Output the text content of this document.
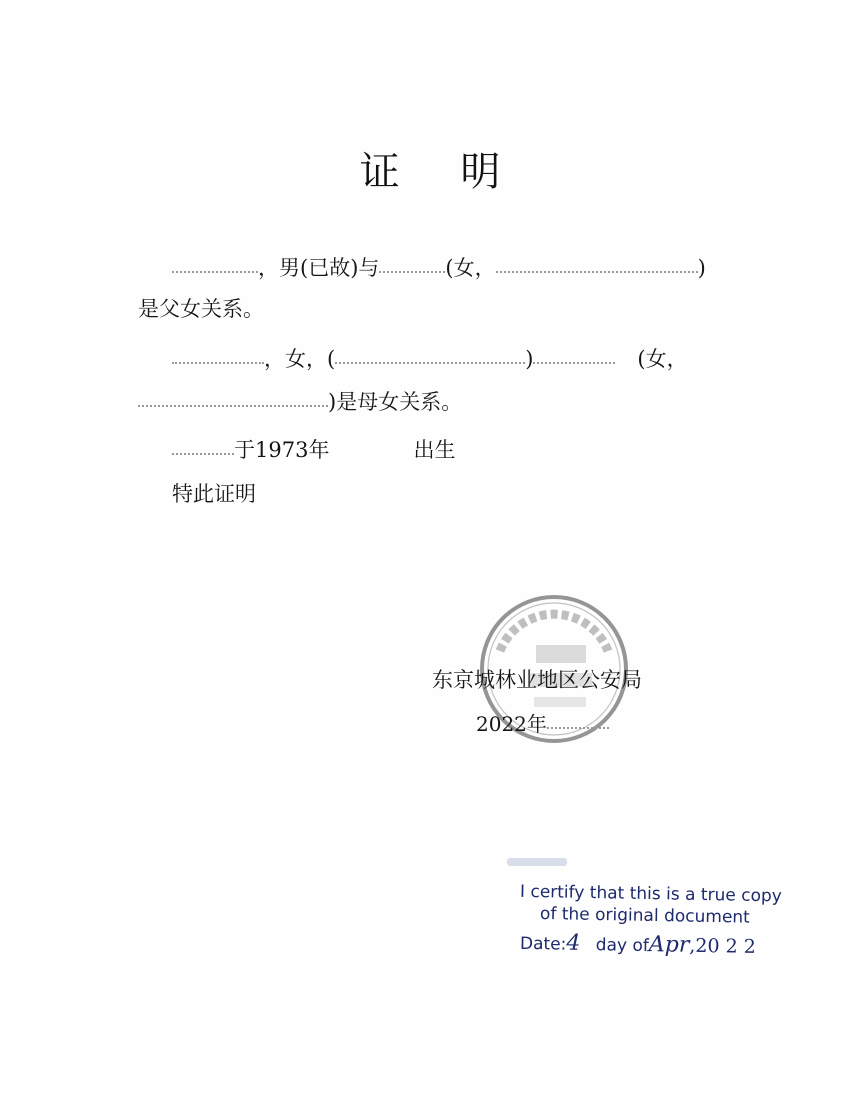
证 明
，男(已故)与	(女，	)
是父女关系。
，女，(	)	(女，
)是母女关系。
于1973年	出生
特此证明
东京城林业地区公安局
2022年
I certify that this is a true copy
of the original document
Date:4 day ofApr,20 2 2
